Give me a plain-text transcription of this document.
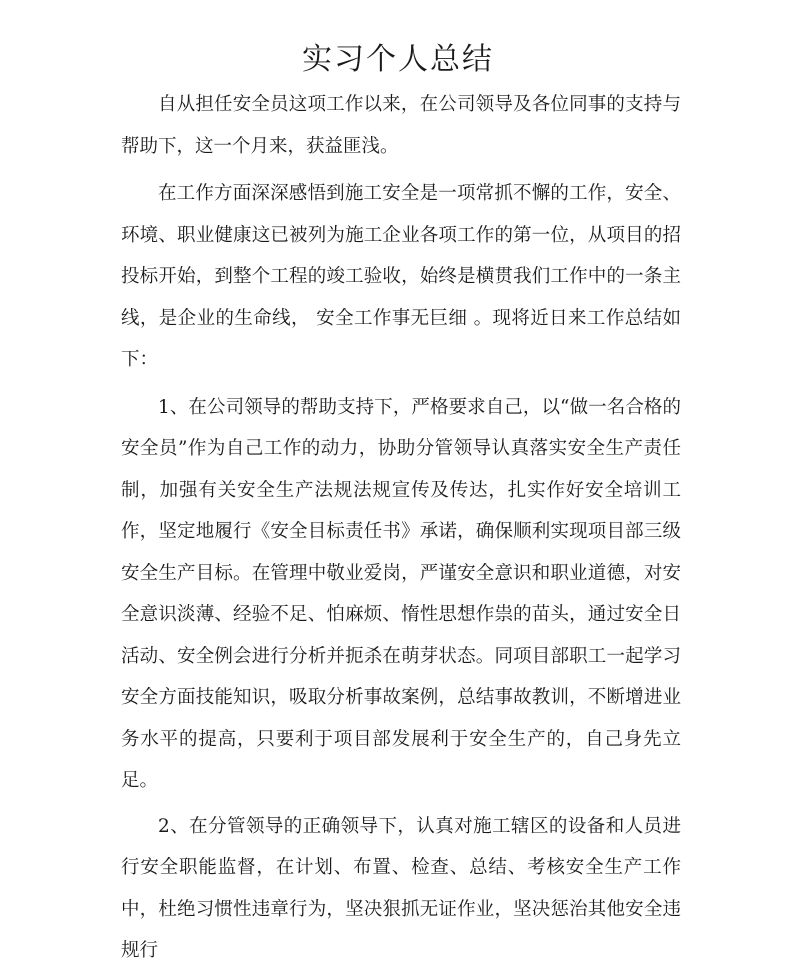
实习个人总结

自从担任安全员这项工作以来，在公司领导及各位同事的支持与帮助下，这一个月来，获益匪浅。

在工作方面深深感悟到施工安全是一项常抓不懈的工作，安全、环境、职业健康这已被列为施工企业各项工作的第一位，从项目的招投标开始，到整个工程的竣工验收，始终是横贯我们工作中的一条主线，是企业的生命线， 安全工作事无巨细 。现将近日来工作总结如下：

1、在公司领导的帮助支持下，严格要求自己，以“做一名合格的安全员”作为自己工作的动力，协助分管领导认真落实安全生产责任制，加强有关安全生产法规法规宣传及传达，扎实作好安全培训工作，坚定地履行《安全目标责任书》承诺，确保顺利实现项目部三级安全生产目标。在管理中敬业爱岗，严谨安全意识和职业道德，对安全意识淡薄、经验不足、怕麻烦、惰性思想作祟的苗头，通过安全日活动、安全例会进行分析并扼杀在萌芽状态。同项目部职工一起学习安全方面技能知识，吸取分析事故案例，总结事故教训，不断增进业务水平的提高，只要利于项目部发展利于安全生产的，自己身先立足。

2、在分管领导的正确领导下，认真对施工辖区的设备和人员进行安全职能监督，在计划、布置、检查、总结、考核安全生产工作中，杜绝习惯性违章行为，坚决狠抓无证作业，坚决惩治其他安全违规行
